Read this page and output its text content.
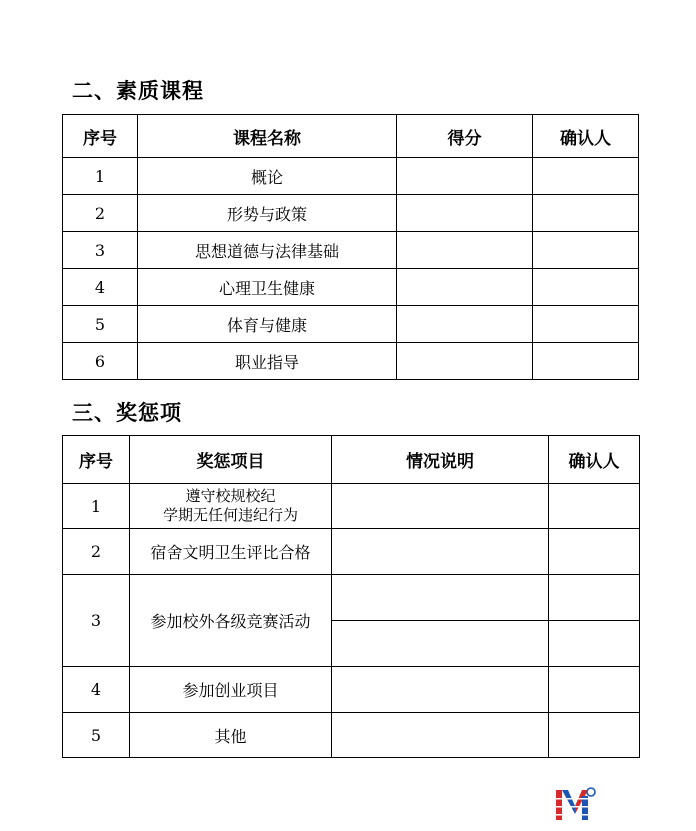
二、素质课程
序号	课程名称	得分	确认人
1	概论		
2	形势与政策		
3	思想道德与法律基础		
4	心理卫生健康		
5	体育与健康		
6	职业指导		
三、奖惩项
序号	奖惩项目	情况说明	确认人
1	遵守校规校纪
学期无任何违纪行为		

2	宿舍文明卫生评比合格		
3	参加校外各级竞赛活动		

4	参加创业项目		
5	其他		
